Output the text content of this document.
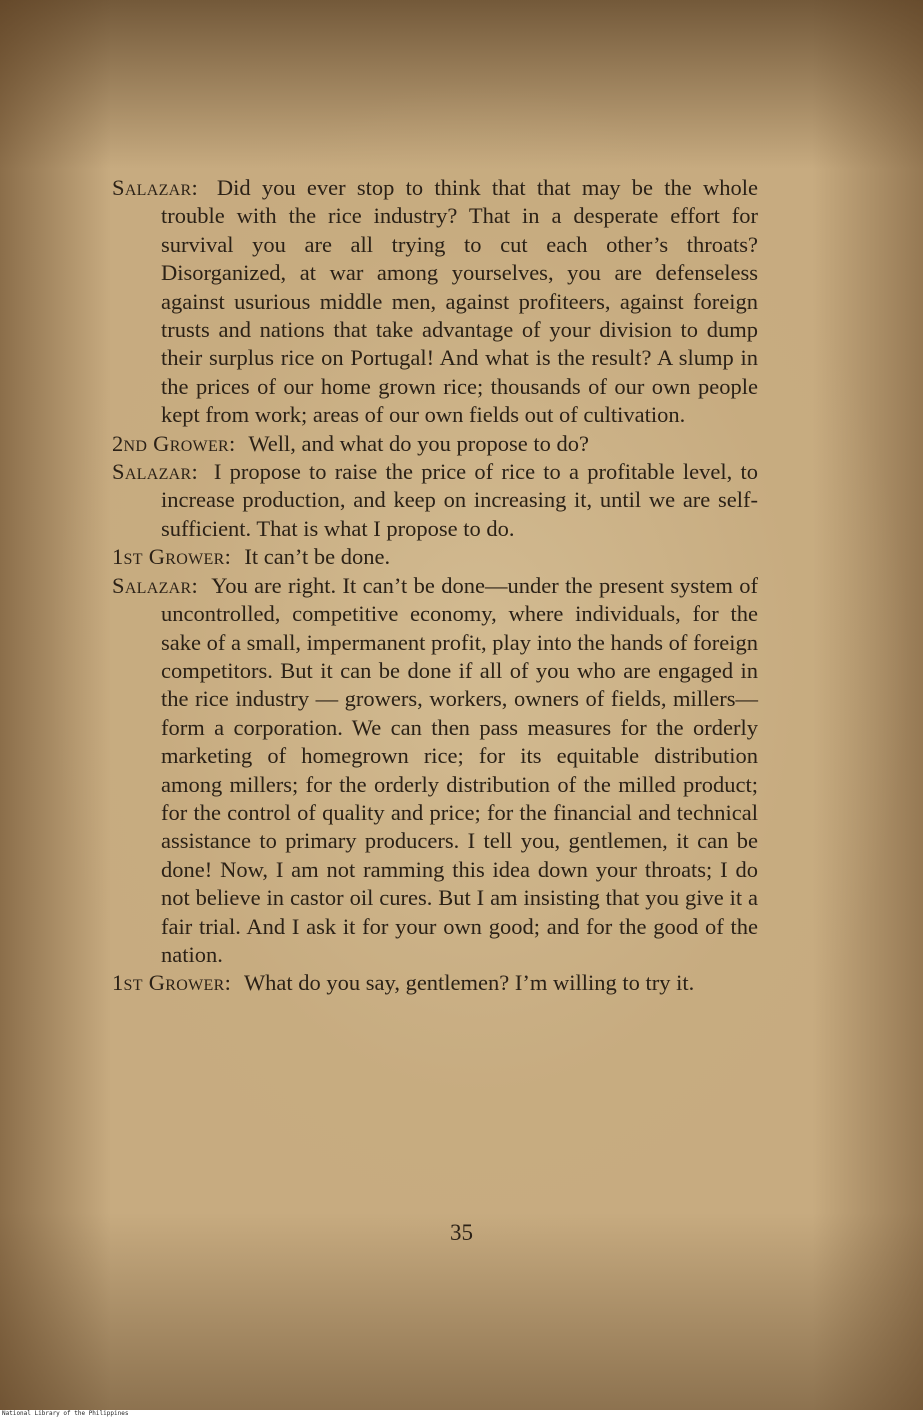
Salazar: Did you ever stop to think that that may be the whole trouble with the rice industry? That in a desperate effort for survival you are all trying to cut each other’s throats? Disorganized, at war among yourselves, you are defenseless against usurious middle men, against profiteers, against foreign trusts and nations that take advantage of your division to dump their surplus rice on Portugal! And what is the result? A slump in the prices of our home grown rice; thousands of our own people kept from work; areas of our own fields out of cultivation.

2nd Grower: Well, and what do you propose to do?

Salazar: I propose to raise the price of rice to a profitable level, to increase production, and keep on increasing it, until we are self-sufficient. That is what I propose to do.

1st Grower: It can’t be done.

Salazar: You are right. It can’t be done—under the present system of uncontrolled, competitive economy, where individuals, for the sake of a small, impermanent profit, play into the hands of foreign competitors. But it can be done if all of you who are engaged in the rice industry — growers, workers, owners of fields, millers—form a corporation. We can then pass measures for the orderly marketing of homegrown rice; for its equitable distribution among millers; for the orderly distribution of the milled product; for the control of quality and price; for the financial and technical assistance to primary producers. I tell you, gentlemen, it can be done! Now, I am not ramming this idea down your throats; I do not believe in castor oil cures. But I am insisting that you give it a fair trial. And I ask it for your own good; and for the good of the nation.

1st Grower: What do you say, gentlemen? I’m willing to try it.

35
National Library of the Philippines
